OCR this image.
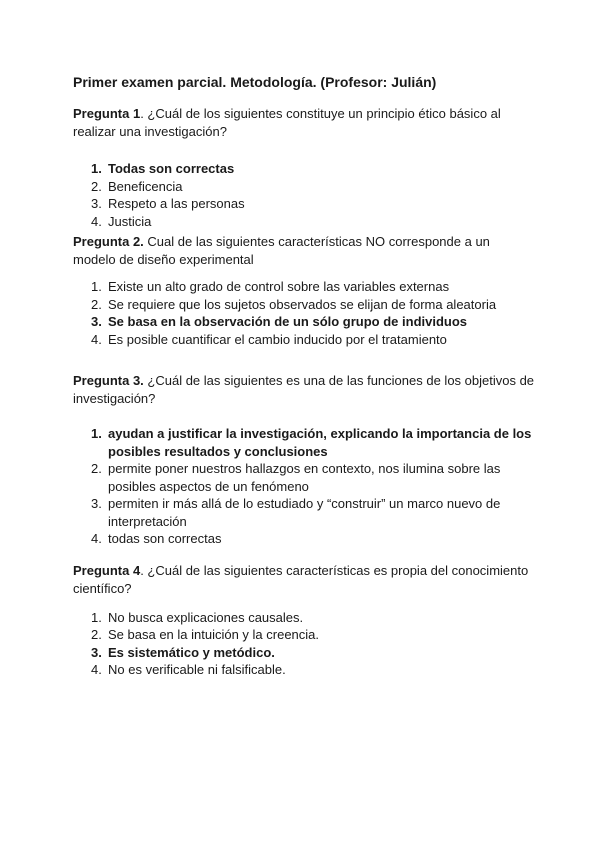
Primer examen parcial. Metodología. (Profesor: Julián)
Pregunta 1. ¿Cuál de los siguientes constituye un principio ético básico al realizar una investigación?
1. Todas son correctas
2. Beneficencia
3. Respeto a las personas
4. Justicia
Pregunta 2. Cual de las siguientes características NO corresponde a un modelo de diseño experimental
1. Existe un alto grado de control sobre las variables externas
2. Se requiere que los sujetos observados se elijan de forma aleatoria
3. Se basa en la observación de un sólo grupo de individuos
4. Es posible cuantificar el cambio inducido por el tratamiento
Pregunta 3. ¿Cuál de las siguientes es una de las funciones de los objetivos de investigación?
1. ayudan a justificar la investigación, explicando la importancia de los posibles resultados y conclusiones
2. permite poner nuestros hallazgos en contexto, nos ilumina sobre las posibles aspectos de un fenómeno
3. permiten ir más allá de lo estudiado y “construir” un marco nuevo de interpretación
4. todas son correctas
Pregunta 4. ¿Cuál de las siguientes características es propia del conocimiento científico?
1. No busca explicaciones causales.
2. Se basa en la intuición y la creencia.
3. Es sistemático y metódico.
4. No es verificable ni falsificable.
